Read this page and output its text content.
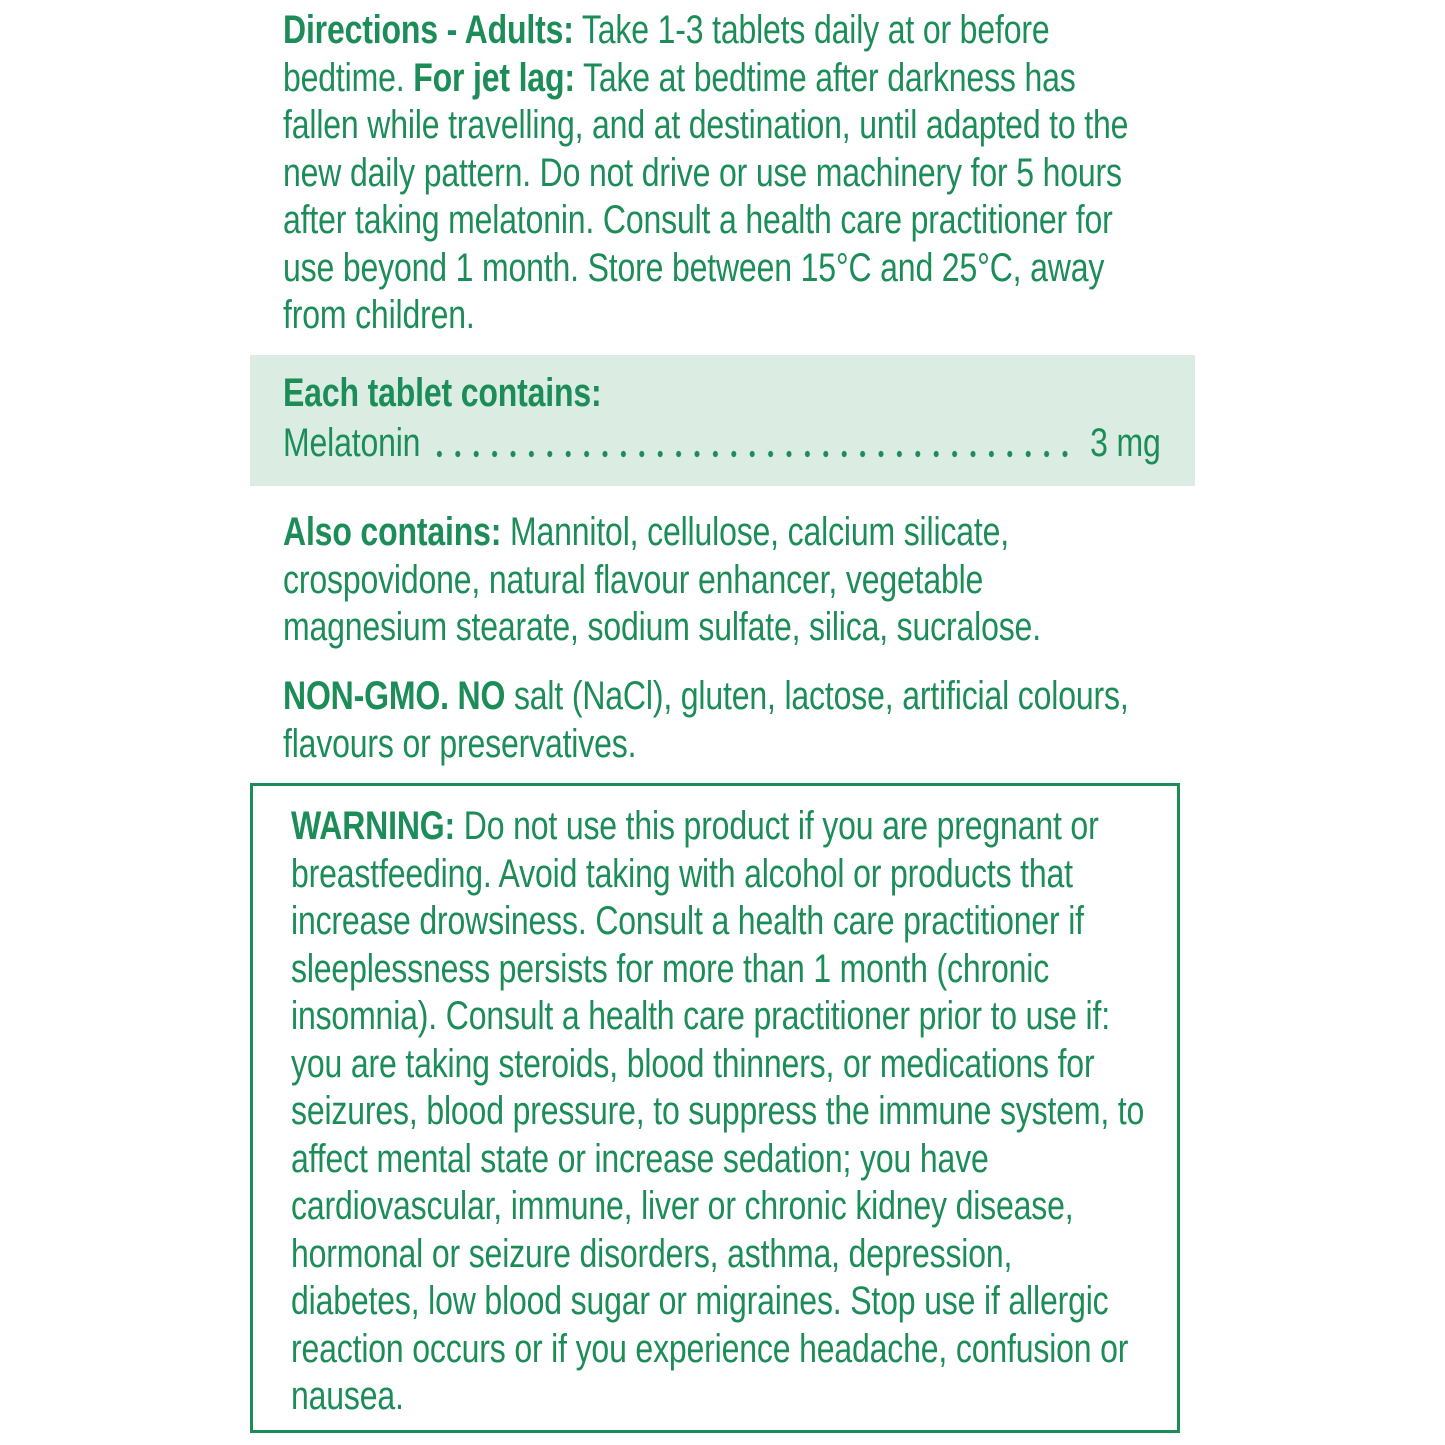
Directions - Adults: Take 1-3 tablets daily at or before bedtime. For jet lag: Take at bedtime after darkness has fallen while travelling, and at destination, until adapted to the new daily pattern. Do not drive or use machinery for 5 hours after taking melatonin. Consult a health care practitioner for use beyond 1 month. Store between 15°C and 25°C, away from children.

Each tablet contains:
Melatonin	3 mg

Also contains: Mannitol, cellulose, calcium silicate, crospovidone, natural flavour enhancer, vegetable magnesium stearate, sodium sulfate, silica, sucralose.

NON-GMO. NO salt (NaCl), gluten, lactose, artificial colours, flavours or preservatives.

WARNING: Do not use this product if you are pregnant or breastfeeding. Avoid taking with alcohol or products that increase drowsiness. Consult a health care practitioner if sleeplessness persists for more than 1 month (chronic insomnia). Consult a health care practitioner prior to use if: you are taking steroids, blood thinners, or medications for seizures, blood pressure, to suppress the immune system, to affect mental state or increase sedation; you have cardiovascular, immune, liver or chronic kidney disease, hormonal or seizure disorders, asthma, depression, diabetes, low blood sugar or migraines. Stop use if allergic reaction occurs or if you experience headache, confusion or nausea.
